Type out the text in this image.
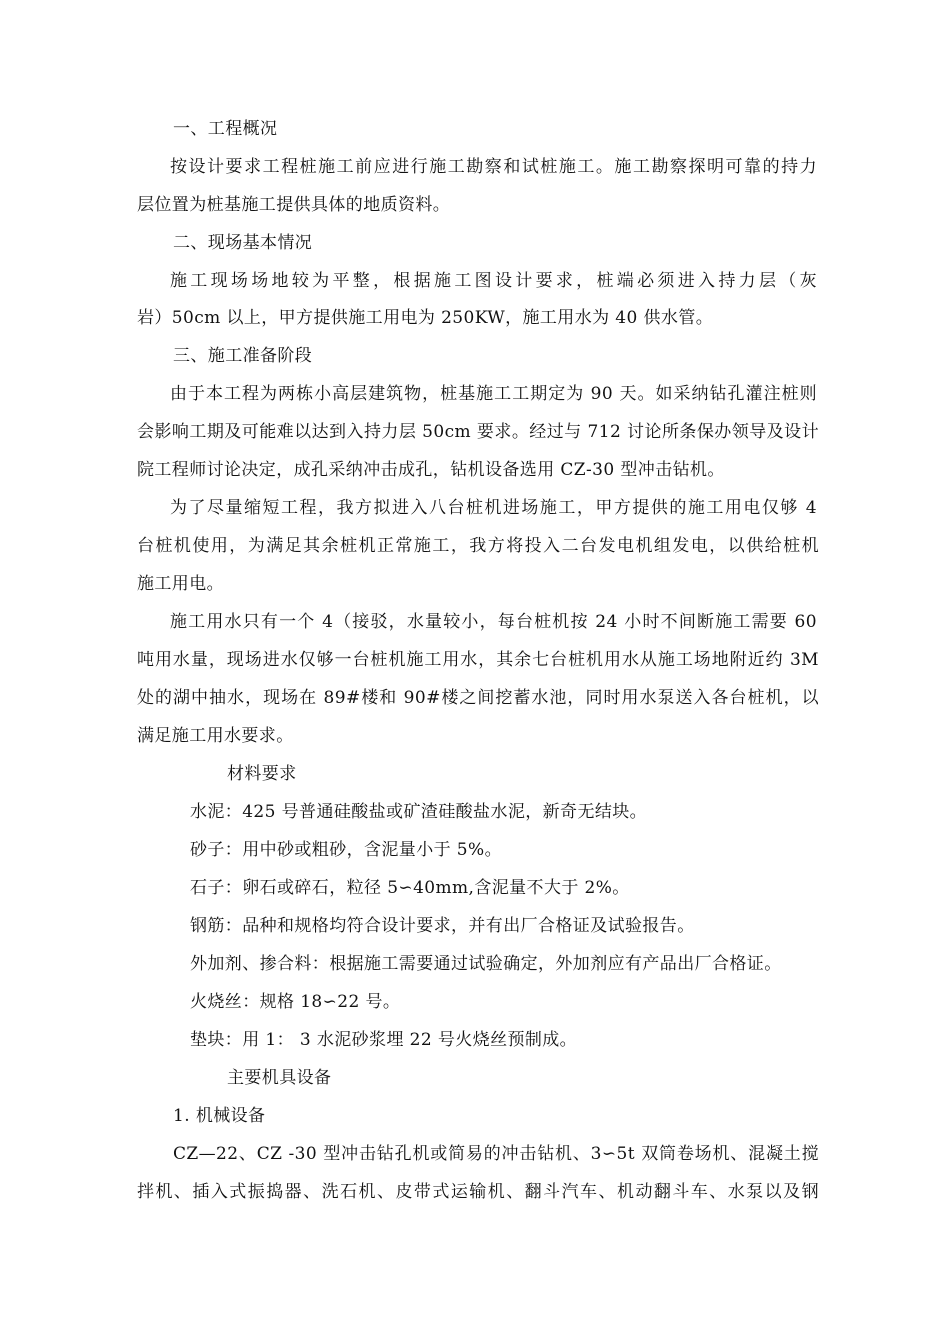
一、工程概况
按设计要求工程桩施工前应进行施工勘察和试桩施工。施工勘察探明可靠的持力
层位置为桩基施工提供具体的地质资料。
二、现场基本情况
施工现场场地较为平整，根据施工图设计要求，桩端必须进入持力层（灰
岩）50cm 以上，甲方提供施工用电为 250KW，施工用水为 40 供水管。
三、施工准备阶段
由于本工程为两栋小高层建筑物，桩基施工工期定为 90 天。如采纳钻孔灌注桩则
会影响工期及可能难以达到入持力层 50cm 要求。经过与 712 讨论所条保办领导及设计
院工程师讨论决定，成孔采纳冲击成孔，钻机设备选用 CZ-30 型冲击钻机。
为了尽量缩短工程，我方拟进入八台桩机进场施工，甲方提供的施工用电仅够 4
台桩机使用，为满足其余桩机正常施工，我方将投入二台发电机组发电，以供给桩机
施工用电。
施工用水只有一个 4（接驳，水量较小，每台桩机按 24 小时不间断施工需要 60
吨用水量，现场进水仅够一台桩机施工用水，其余七台桩机用水从施工场地附近约 3M
处的湖中抽水，现场在 89#楼和 90#楼之间挖蓄水池，同时用水泵送入各台桩机，以
满足施工用水要求。
材料要求
水泥：425 号普通硅酸盐或矿渣硅酸盐水泥，新奇无结块。
砂子：用中砂或粗砂，含泥量小于 5%。
石子：卵石或碎石，粒径 5∽40mm,含泥量不大于 2%。
钢筋：品种和规格均符合设计要求，并有出厂合格证及试验报告。
外加剂、掺合料：根据施工需要通过试验确定，外加剂应有产品出厂合格证。
火烧丝：规格 18∽22 号。
垫块：用 1： 3 水泥砂浆埋 22 号火烧丝预制成。
主要机具设备
1. 机械设备
CZ—22、CZ -30 型冲击钻孔机或简易的冲击钻机、3∽5t 双筒卷场机、混凝土搅
拌机、插入式振捣器、洗石机、皮带式运输机、翻斗汽车、机动翻斗车、水泵以及钢
